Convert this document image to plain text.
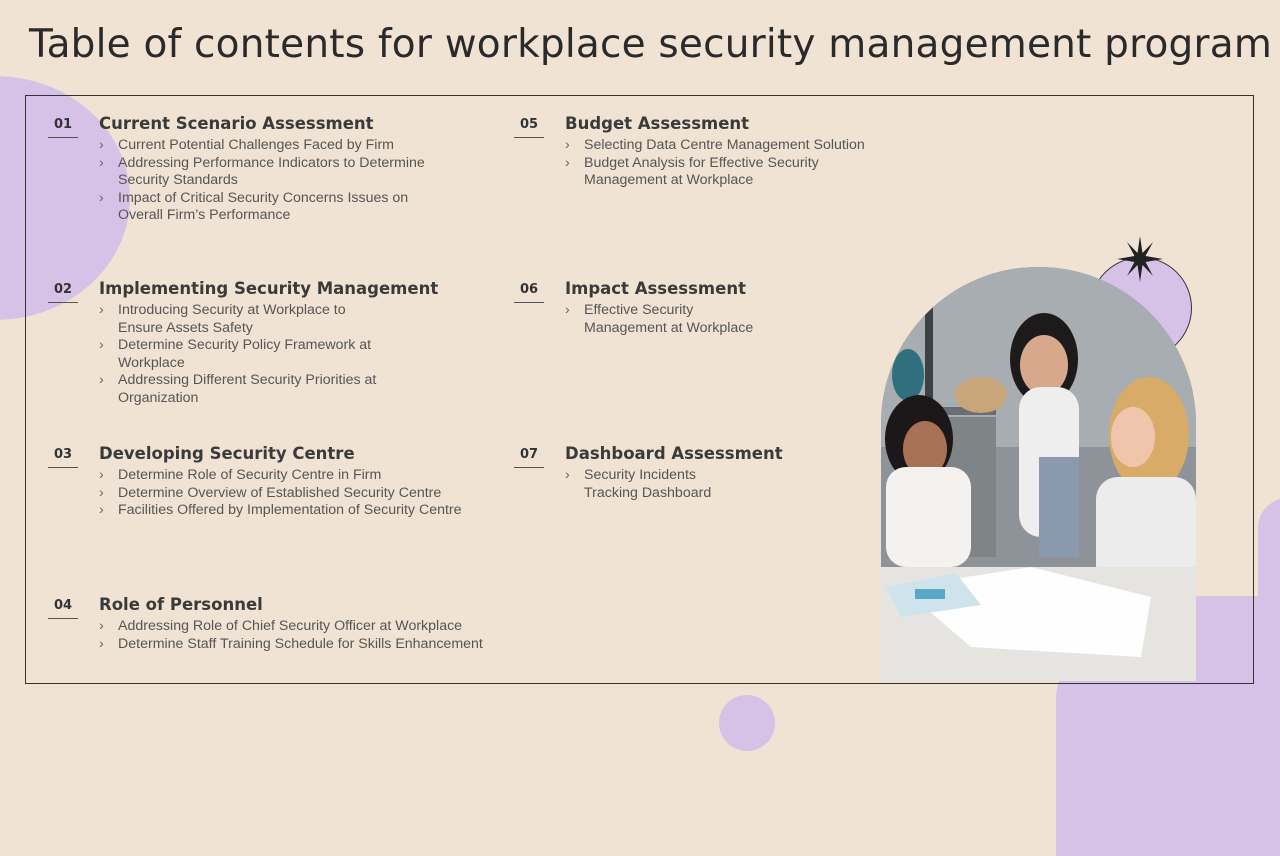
Table of contents for workplace security management program
01	Current Scenario Assessment
› Current Potential Challenges Faced by Firm
› Addressing Performance Indicators to Determine Security Standards
› Impact of Critical Security Concerns Issues on Overall Firm’s Performance
02	Implementing Security Management
› Introducing Security at Workplace to Ensure Assets Safety
› Determine Security Policy Framework at Workplace
› Addressing Different Security Priorities at Organization
03	Developing Security Centre
› Determine Role of Security Centre in Firm
› Determine Overview of Established Security Centre
› Facilities Offered by Implementation of Security Centre
04	Role of Personnel
› Addressing Role of Chief Security Officer at Workplace
› Determine Staff Training Schedule for Skills Enhancement
05	Budget Assessment
› Selecting Data Centre Management Solution
› Budget Analysis for Effective Security Management at Workplace
06	Impact Assessment
› Effective Security Management at Workplace
07	Dashboard Assessment
› Security Incidents Tracking Dashboard
